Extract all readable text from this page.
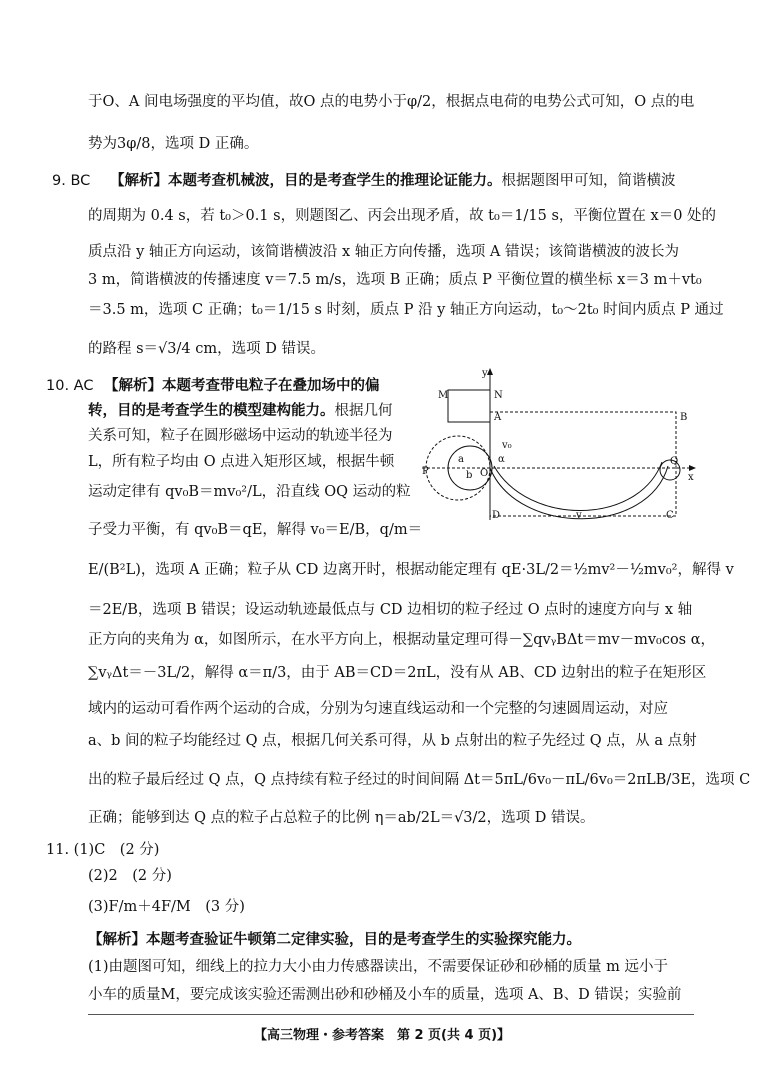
于O、A 间电场强度的平均值，故O 点的电势小于φ/2，根据点电荷的电势公式可知，O 点的电
势为3φ/8，选项 D 正确。
9. BC 【解析】本题考查机械波，目的是考查学生的推理论证能力。根据题图甲可知，简谐横波
的周期为 0.4 s，若 t₀＞0.1 s，则题图乙、丙会出现矛盾，故 t₀＝1/15 s，平衡位置在 x＝0 处的
质点沿 y 轴正方向运动，该简谐横波沿 x 轴正方向传播，选项 A 错误；该简谐横波的波长为
3 m，简谐横波的传播速度 v＝7.5 m/s，选项 B 正确；质点 P 平衡位置的横坐标 x＝3 m＋vt₀
＝3.5 m，选项 C 正确；t₀＝1/15 s 时刻，质点 P 沿 y 轴正方向运动，t₀～2t₀ 时间内质点 P 通过
的路程 s＝√3/4 cm，选项 D 错误。
10. AC 【解析】本题考查带电粒子在叠加场中的偏
转，目的是考查学生的模型建构能力。根据几何
关系可知，粒子在圆形磁场中运动的轨迹半径为
L，所有粒子均由 O 点进入矩形区域，根据牛顿
运动定律有 qv₀B＝mv₀²/L，沿直线 OQ 运动的粒
子受力平衡，有 qv₀B＝qE，解得 v₀＝E/B，q/m＝
E/(B²L)，选项 A 正确；粒子从 CD 边离开时，根据动能定理有 qE·3L/2＝½mv²－½mv₀²，解得 v
＝2E/B，选项 B 错误；设运动轨迹最低点与 CD 边相切的粒子经过 O 点时的速度方向与 x 轴
正方向的夹角为 α，如图所示，在水平方向上，根据动量定理可得－∑qvᵧBΔt＝mv－mv₀cos α，
∑vᵧΔt＝－3L/2，解得 α＝π/3，由于 AB＝CD＝2πL，没有从 AB、CD 边射出的粒子在矩形区
域内的运动可看作两个运动的合成，分别为匀速直线运动和一个完整的匀速圆周运动，对应
a、b 间的粒子均能经过 Q 点，根据几何关系可得，从 b 点射出的粒子先经过 Q 点，从 a 点射
出的粒子最后经过 Q 点，Q 点持续有粒子经过的时间间隔 Δt＝5πL/6v₀－πL/6v₀＝2πLB/3E，选项 C
正确；能够到达 Q 点的粒子占总粒子的比例 η＝ab/2L＝√3/2，选项 D 错误。
11. (1)C　(2 分)
(2)2　(2 分)
(3)F/m＋4F/M　(3 分)
【解析】本题考查验证牛顿第二定律实验，目的是考查学生的实验探究能力。
(1)由题图可知，细线上的拉力大小由力传感器读出，不需要保证砂和砂桶的质量 m 远小于
小车的质量M，要完成该实验还需测出砂和砂桶及小车的质量，选项 A、B、D 错误；实验前
y
N
M
A	B
P	O
Q
x
D	v	C
v₀
α
a
b
【高三物理・参考答案　第 2 页(共 4 页)】
